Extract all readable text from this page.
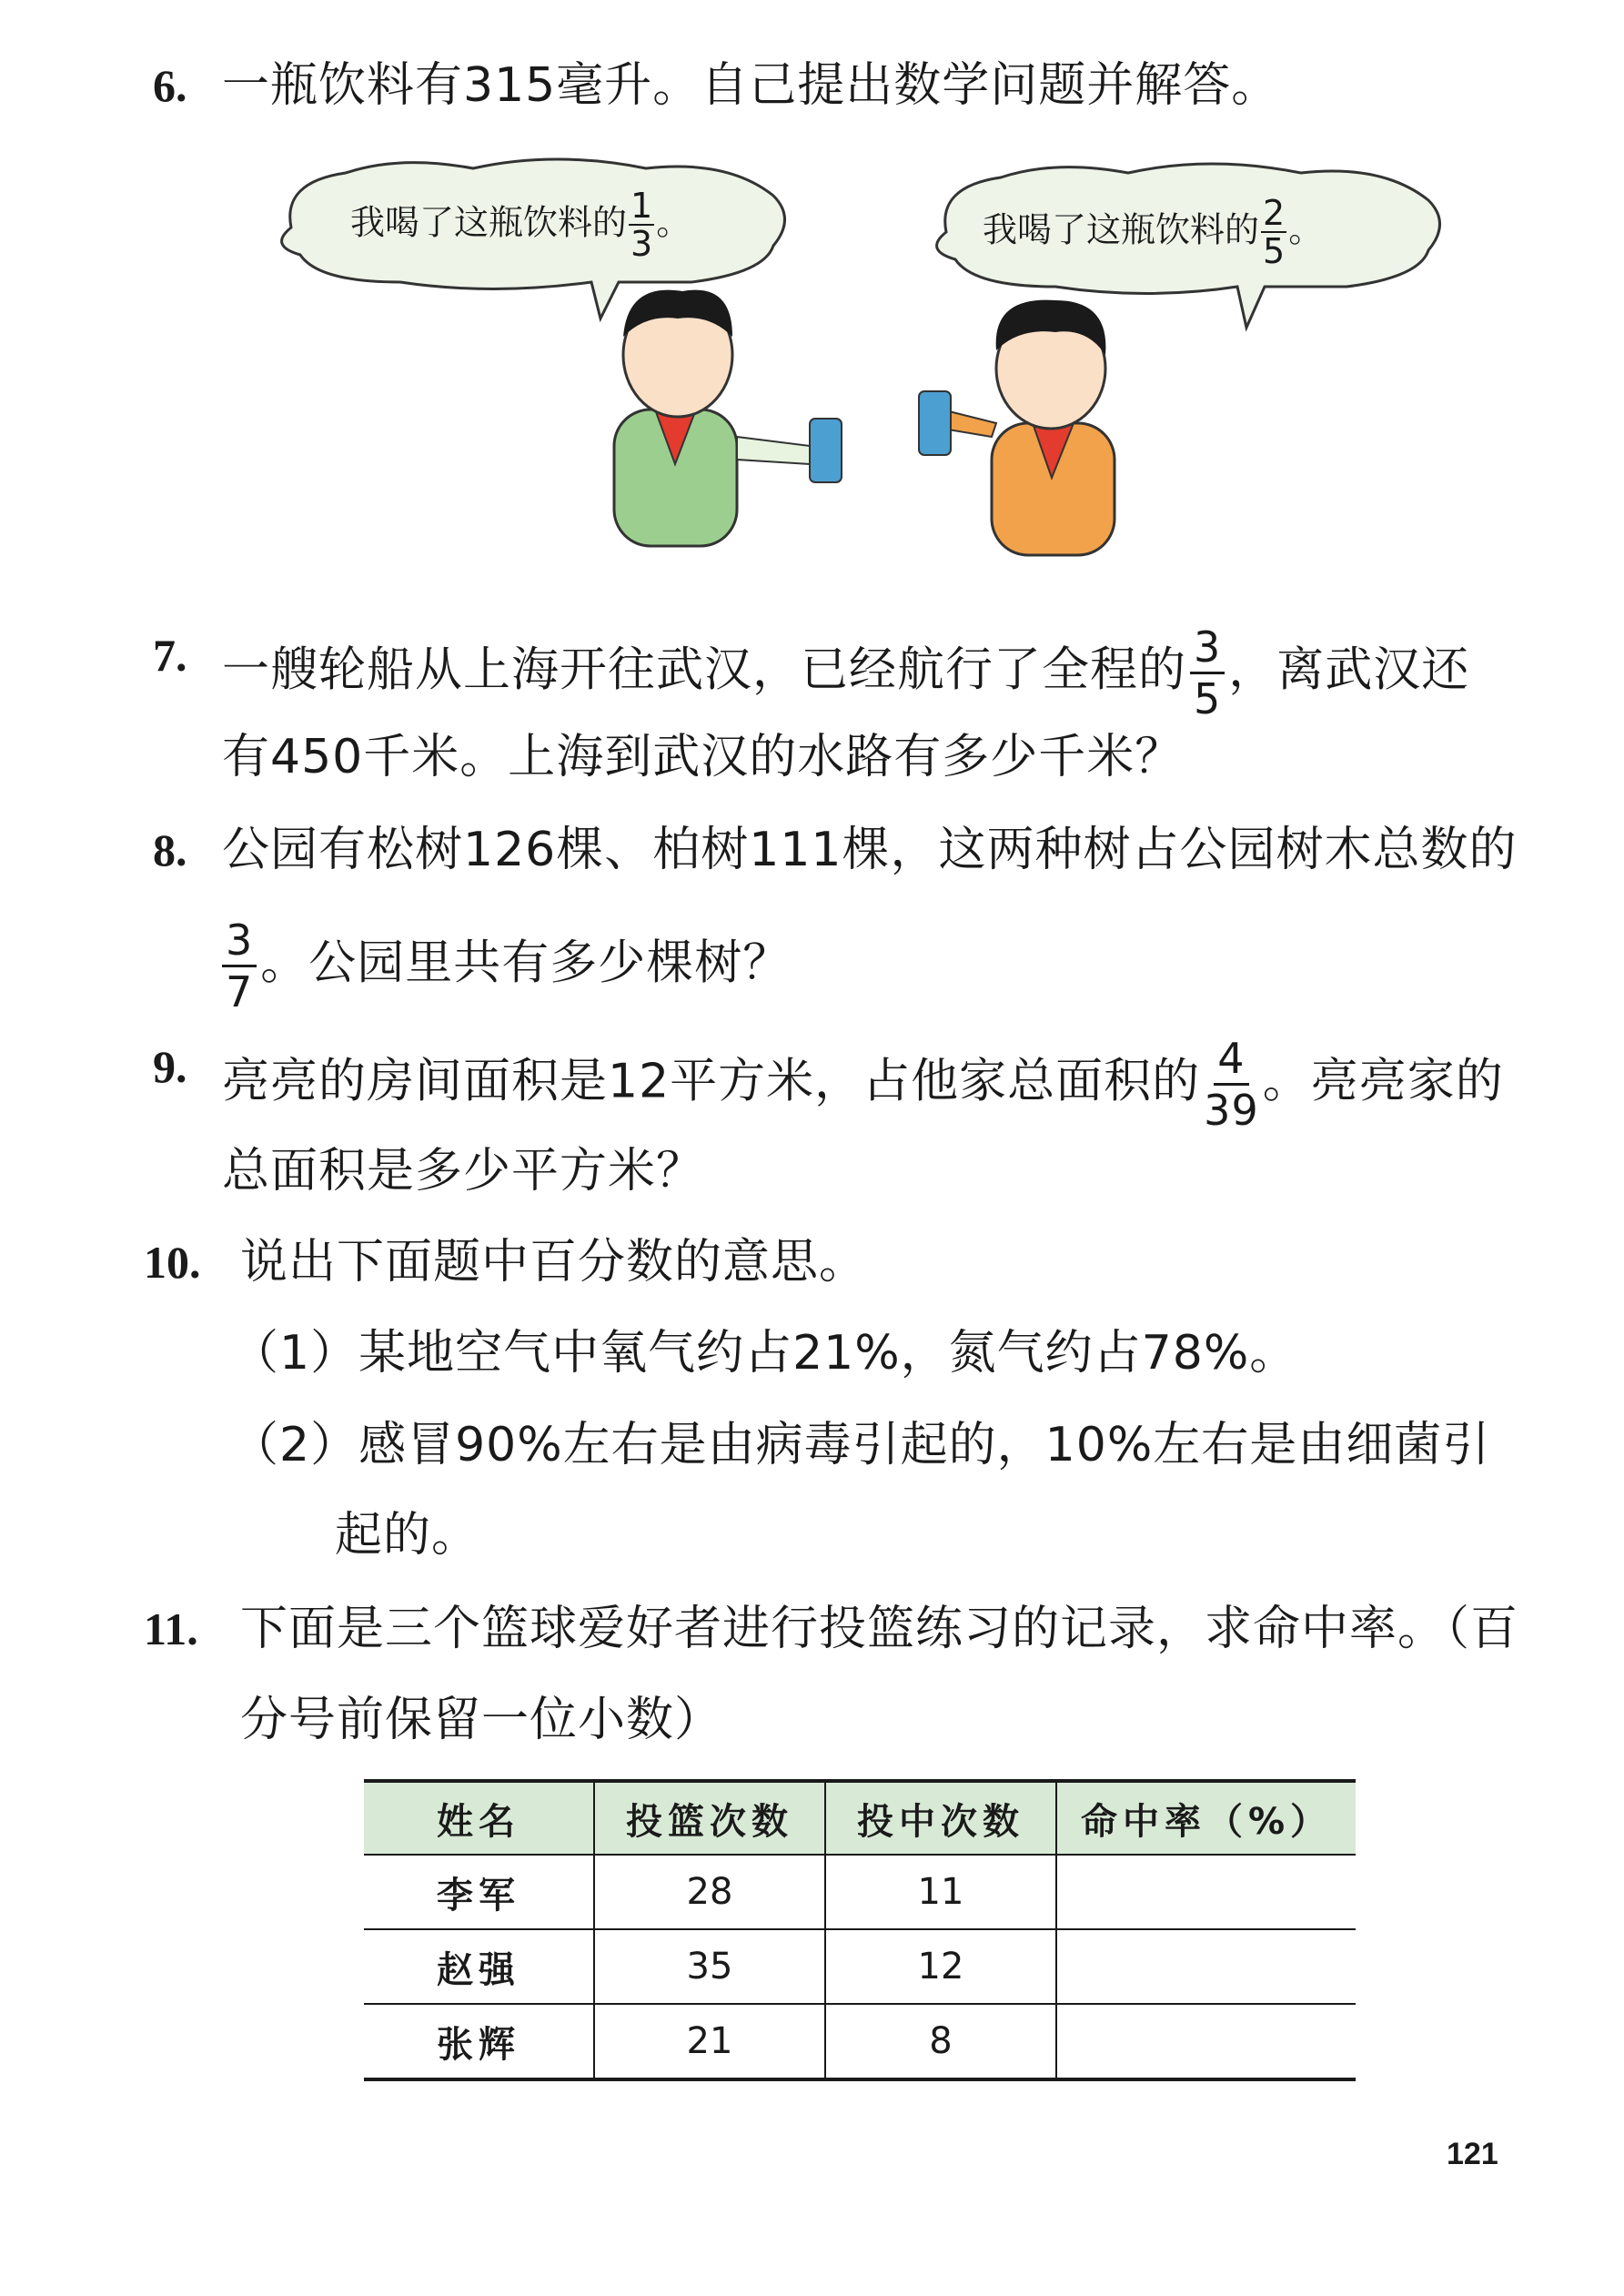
6. 一瓶饮料有315毫升。自己提出数学问题并解答。
我喝了这瓶饮料的 $\frac{1}{3}$ 。	我喝了这瓶饮料的 $\frac{2}{5}$ 。
7. 一艘轮船从上海开往武汉，已经航行了全程的 $\frac{3}{5}$ ，离武汉还
有450千米。上海到武汉的水路有多少千米？
8. 公园有松树126棵、柏树111棵，这两种树占公园树木总数的
$\frac{3}{7}$ 。公园里共有多少棵树？
9. 亮亮的房间面积是12平方米，占他家总面积的 $\frac{4}{39}$ 。亮亮家的
总面积是多少平方米？
10. 说出下面题中百分数的意思。
（1）某地空气中氧气约占21%，氮气约占78%。
（2）感冒90%左右是由病毒引起的，10%左右是由细菌引
起的。
11. 下面是三个篮球爱好者进行投篮练习的记录，求命中率。（百
分号前保留一位小数）
姓名	投篮次数	投中次数	命中率（%）
李军	28	11	
赵强	35	12	
张辉	21	8	
121
